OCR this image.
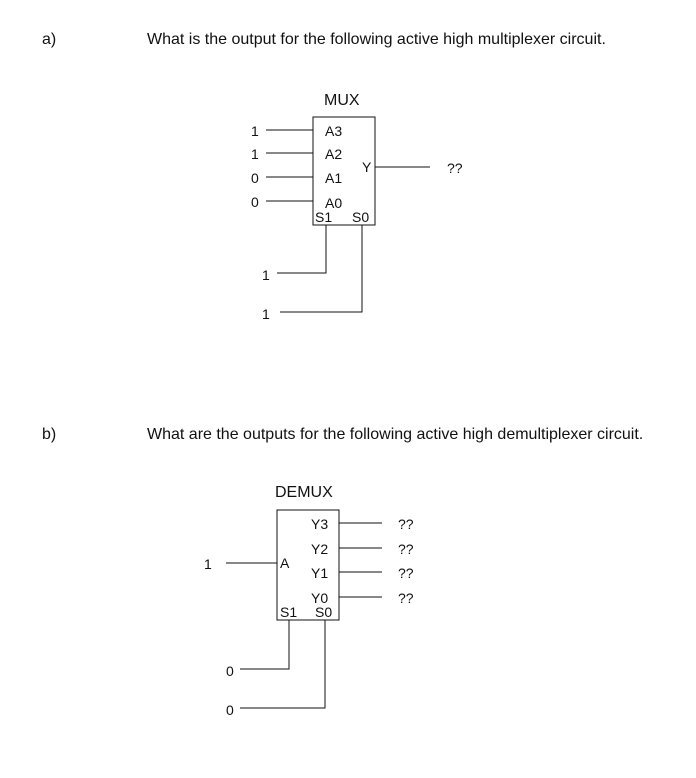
a)	What is the output for the following active high multiplexer circuit.
MUX
1
1
0
0
A3
A2
A1
A0
Y
S1 S0
??
1
1
b)	What are the outputs for the following active high demultiplexer circuit.
DEMUX
1	A
Y3
Y2
Y1
Y0
S1 S0
??
??
??
??
0
0
